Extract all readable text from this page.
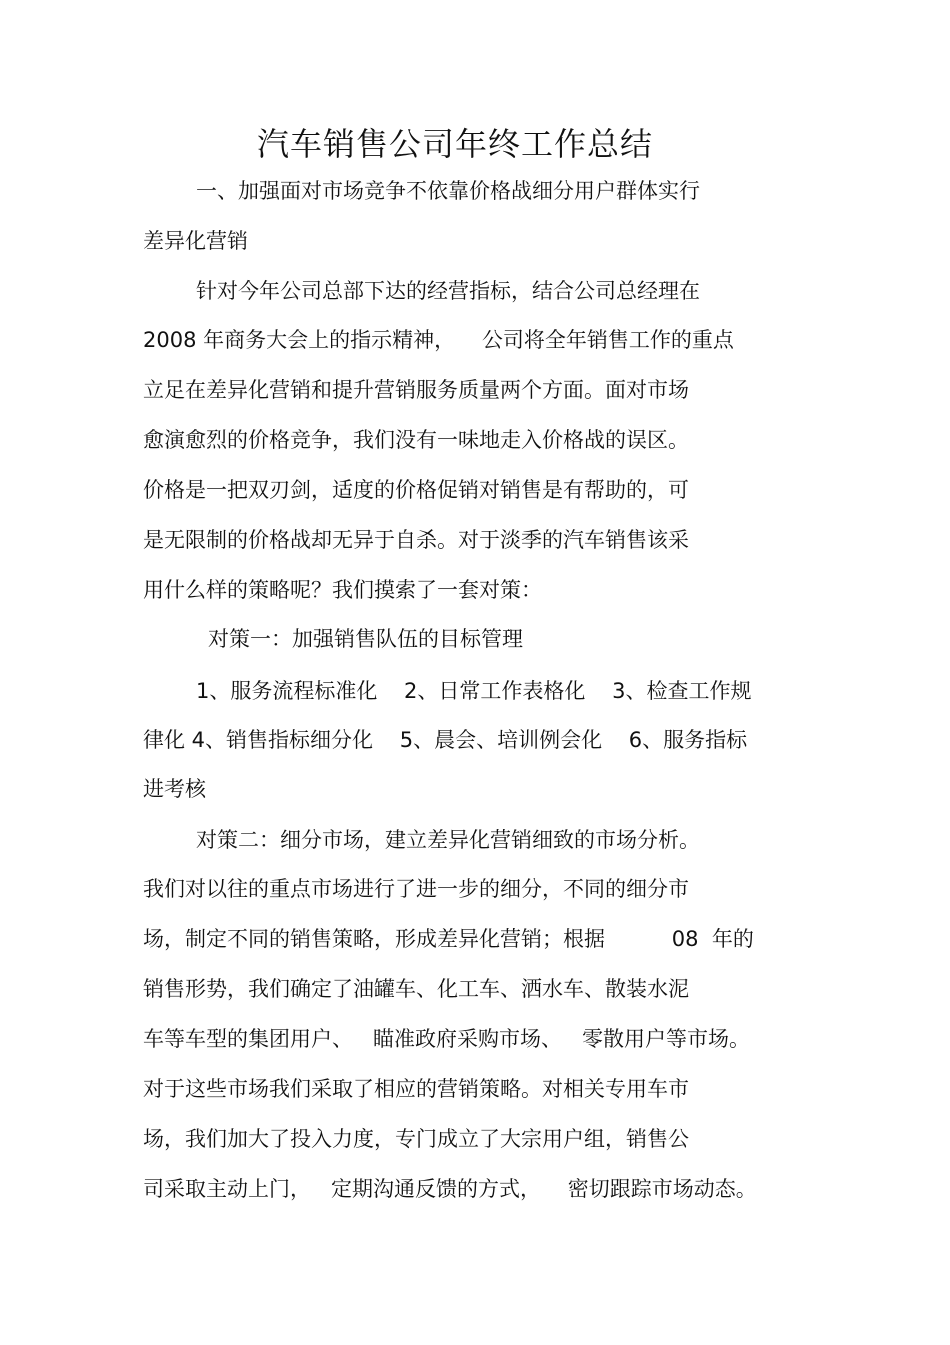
汽车销售公司年终工作总结
一、加强面对市场竞争不依靠价格战细分用户群体实行
差异化营销
针对今年公司总部下达的经营指标，结合公司总经理在
2008 年商务大会上的指示精神，    公司将全年销售工作的重点
立足在差异化营销和提升营销服务质量两个方面。面对市场
愈演愈烈的价格竞争，我们没有一味地走入价格战的误区。
价格是一把双刃剑，适度的价格促销对销售是有帮助的，可
是无限制的价格战却无异于自杀。对于淡季的汽车销售该采
用什么样的策略呢？我们摸索了一套对策：
对策一：加强销售队伍的目标管理
1、服务流程标准化    2、日常工作表格化    3、检查工作规
律化 4、销售指标细分化    5、晨会、培训例会化    6、服务指标
进考核
对策二：细分市场，建立差异化营销细致的市场分析。
我们对以往的重点市场进行了进一步的细分，不同的细分市
场，制定不同的销售策略，形成差异化营销；根据          08  年的
销售形势，我们确定了油罐车、化工车、洒水车、散装水泥
车等车型的集团用户、   瞄准政府采购市场、   零散用户等市场。
对于这些市场我们采取了相应的营销策略。对相关专用车市
场，我们加大了投入力度，专门成立了大宗用户组，销售公
司采取主动上门，   定期沟通反馈的方式，    密切跟踪市场动态。
